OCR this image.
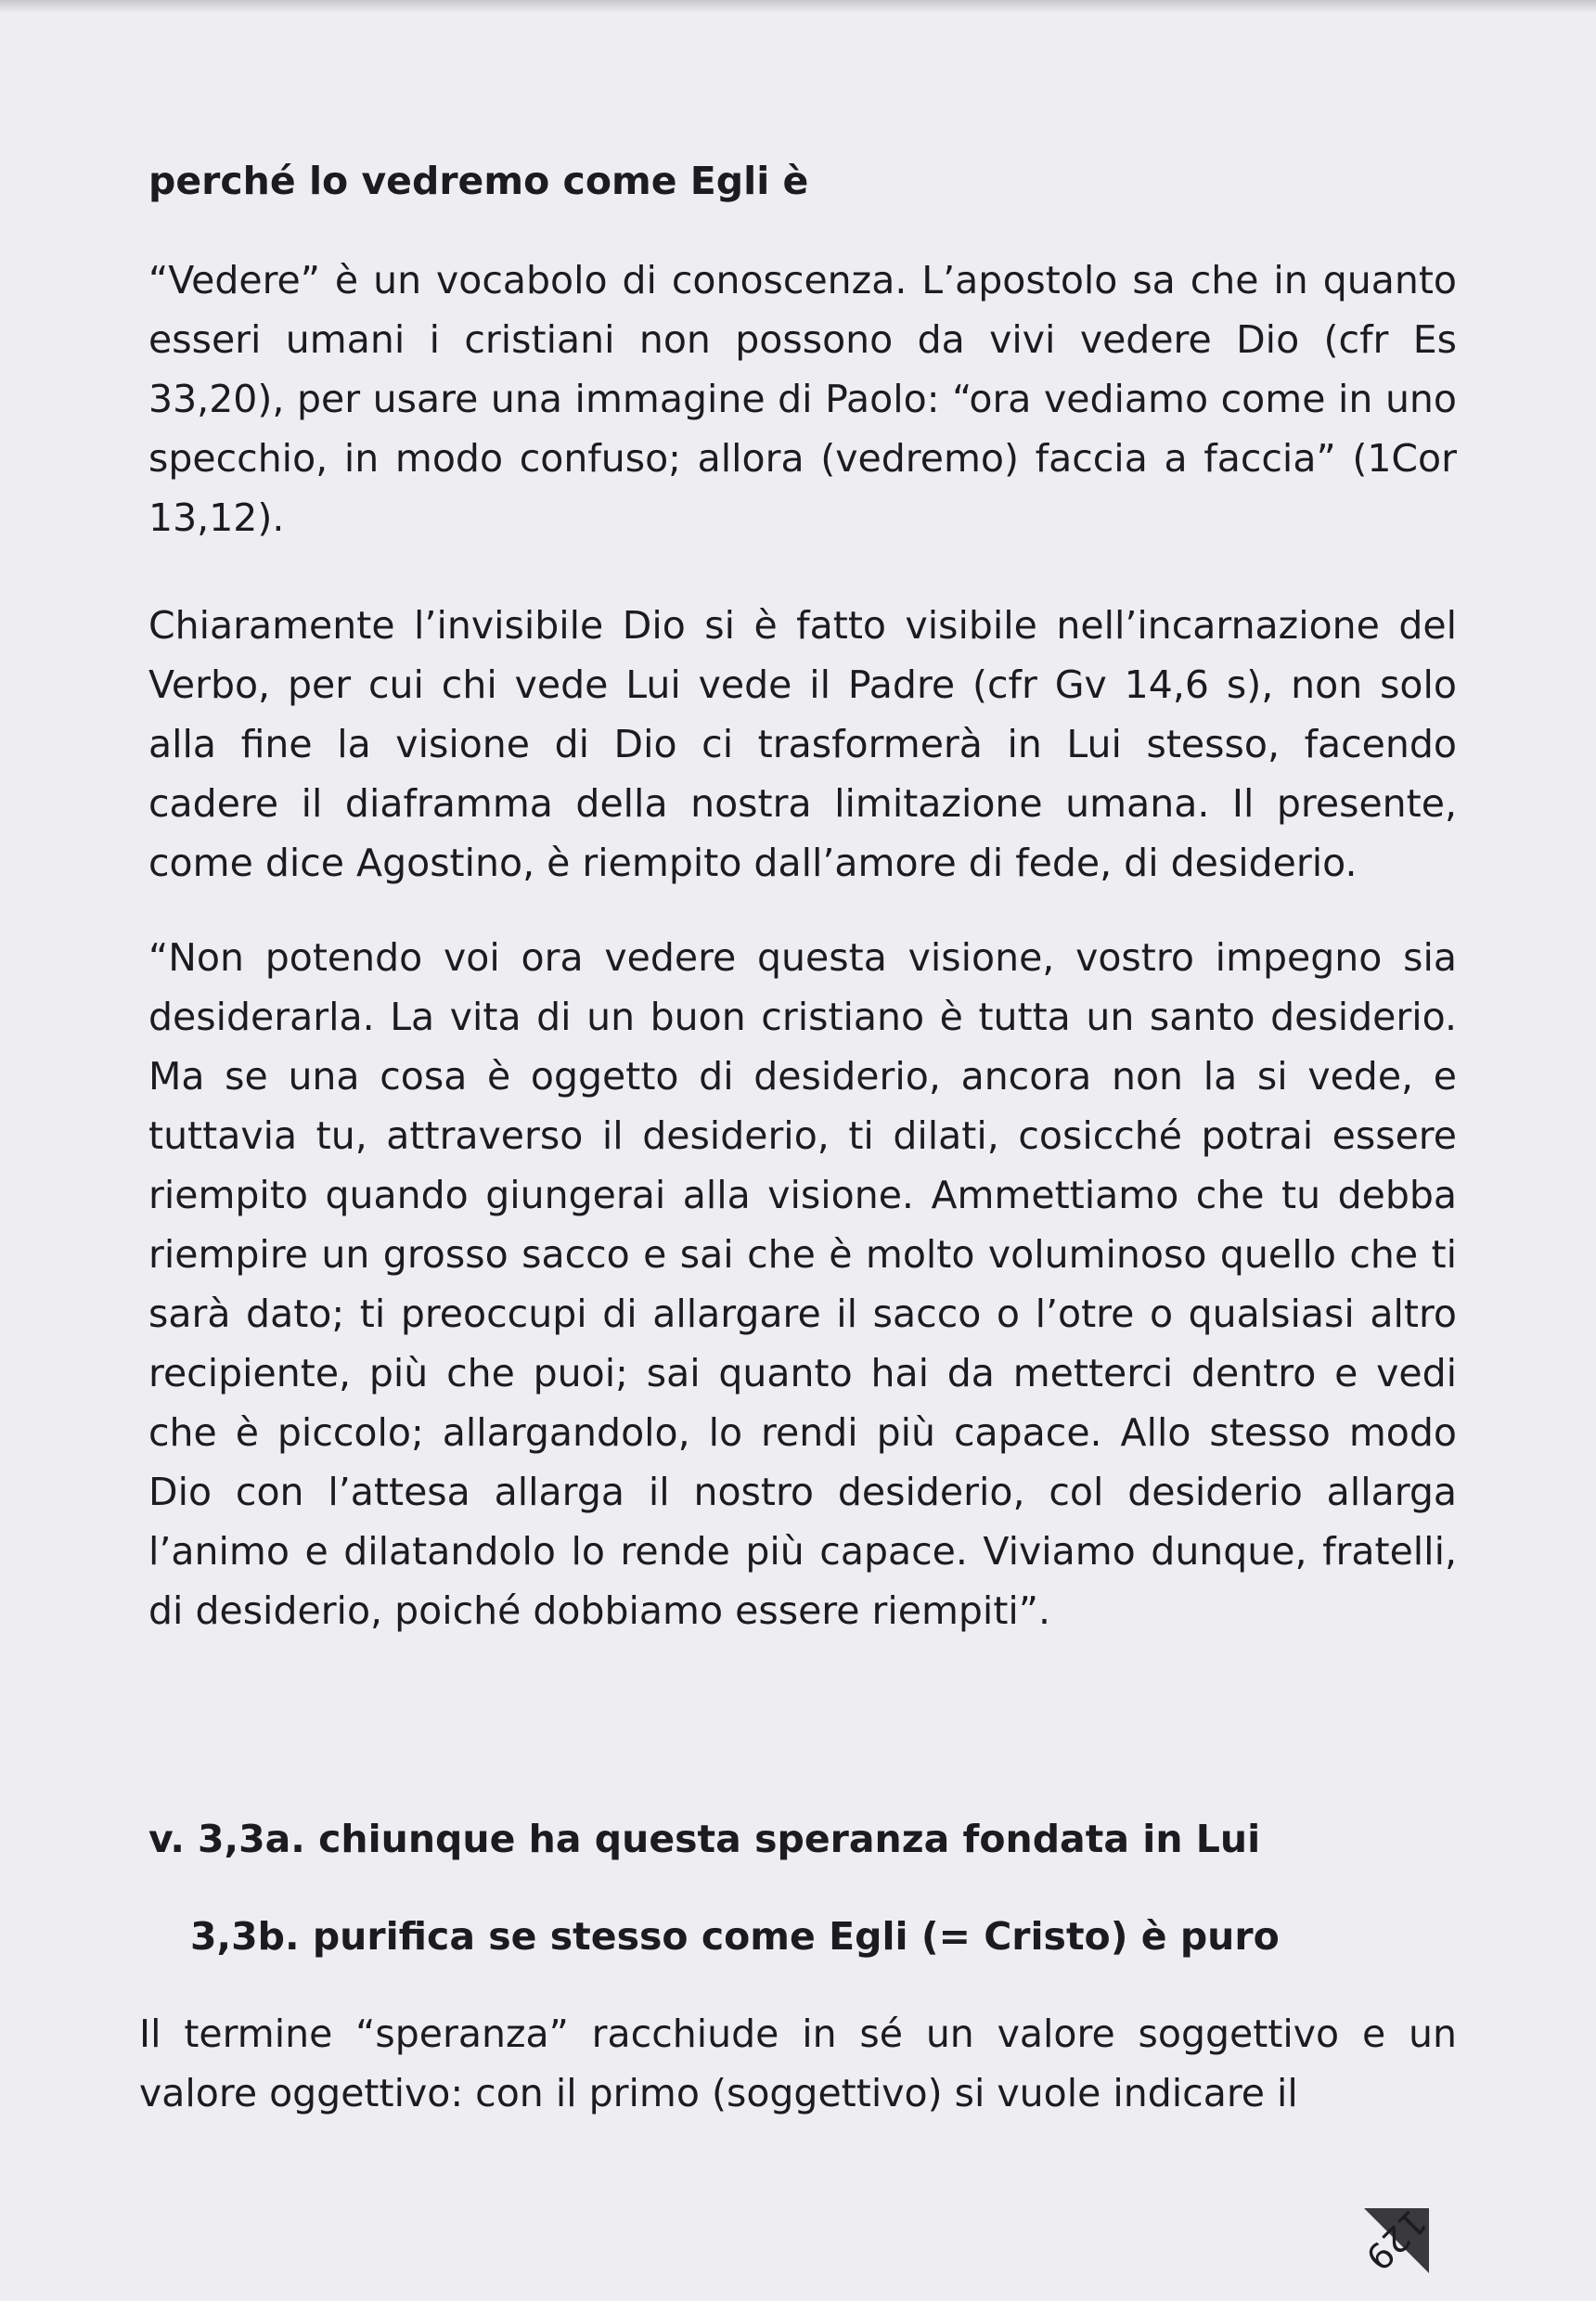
perché lo vedremo come Egli è

“Vedere” è un vocabolo di conoscenza. L’apostolo sa che in quanto esseri umani i cristiani non possono da vivi vedere Dio (cfr Es 33,20), per usare una immagine di Paolo: “ora vediamo come in uno specchio, in modo confuso; allora (vedremo) faccia a faccia” (1Cor 13,12).

Chiaramente l’invisibile Dio si è fatto visibile nell’incarnazione del Verbo, per cui chi vede Lui vede il Padre (cfr Gv 14,6 s), non solo alla fine la visione di Dio ci trasformerà in Lui stesso, facendo cadere il diaframma della nostra limitazione umana. Il presente, come dice Agostino, è riempito dall’amore di fede, di desiderio.

“Non potendo voi ora vedere questa visione, vostro impegno sia desiderarla. La vita di un buon cristiano è tutta un santo desiderio. Ma se una cosa è oggetto di desiderio, ancora non la si vede, e tuttavia tu, attraverso il desiderio, ti dilati, cosicché potrai essere riempito quando giungerai alla visione. Ammettiamo che tu debba riempire un grosso sacco e sai che è molto voluminoso quello che ti sarà dato; ti preoccupi di allargare il sacco o l’otre o qualsiasi altro recipiente, più che puoi; sai quanto hai da metterci dentro e vedi che è piccolo; allargandolo, lo rendi più capace. Allo stesso modo Dio con l’attesa allarga il nostro desiderio, col desiderio allarga l’animo e dilatandolo lo rende più capace. Viviamo dunque, fratelli, di desiderio, poiché dobbiamo essere riempiti”.

v. 3,3a. chiunque ha questa speranza fondata in Lui
3,3b. purifica se stesso come Egli (= Cristo) è puro

Il termine “speranza” racchiude in sé un valore soggettivo e un valore oggettivo: con il primo (soggettivo) si vuole indicare il

129
